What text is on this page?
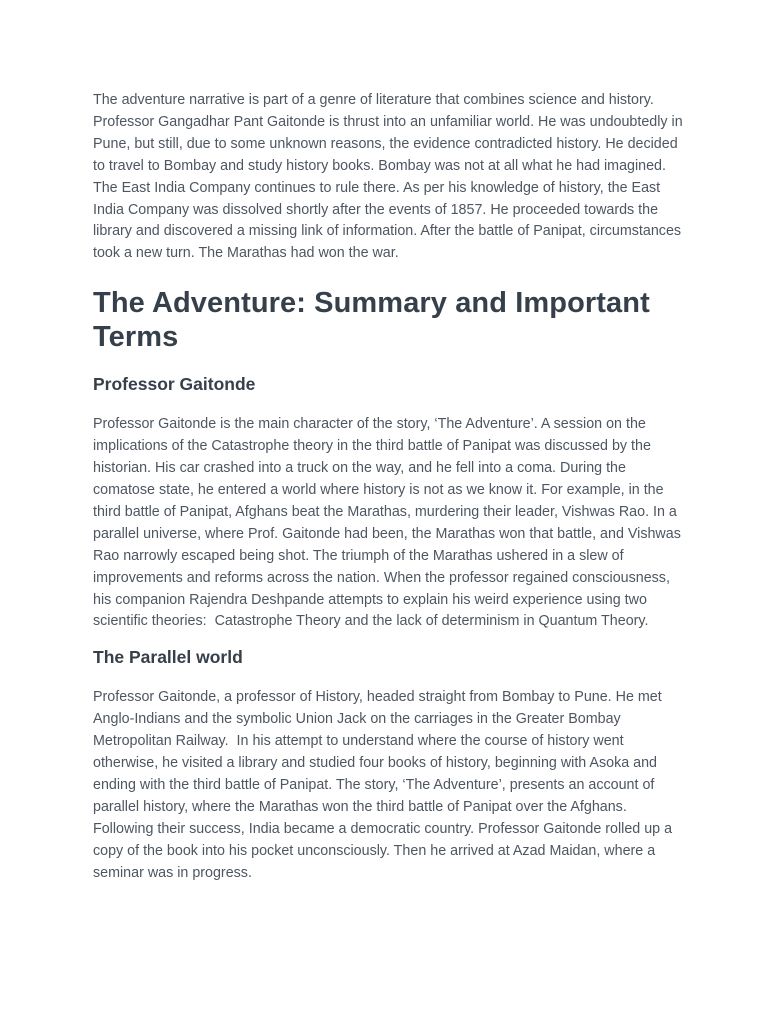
The adventure narrative is part of a genre of literature that combines science and history. Professor Gangadhar Pant Gaitonde is thrust into an unfamiliar world. He was undoubtedly in Pune, but still, due to some unknown reasons, the evidence contradicted history. He decided to travel to Bombay and study history books. Bombay was not at all what he had imagined. The East India Company continues to rule there. As per his knowledge of history, the East India Company was dissolved shortly after the events of 1857. He proceeded towards the library and discovered a missing link of information. After the battle of Panipat, circumstances took a new turn. The Marathas had won the war.

The Adventure: Summary and Important Terms
Professor Gaitonde

Professor Gaitonde is the main character of the story, ‘The Adventure’. A session on the implications of the Catastrophe theory in the third battle of Panipat was discussed by the historian. His car crashed into a truck on the way, and he fell into a coma. During the comatose state, he entered a world where history is not as we know it. For example, in the third battle of Panipat, Afghans beat the Marathas, murdering their leader, Vishwas Rao. In a parallel universe, where Prof. Gaitonde had been, the Marathas won that battle, and Vishwas Rao narrowly escaped being shot. The triumph of the Marathas ushered in a slew of improvements and reforms across the nation. When the professor regained consciousness, his companion Rajendra Deshpande attempts to explain his weird experience using two scientific theories:  Catastrophe Theory and the lack of determinism in Quantum Theory.

The Parallel world

Professor Gaitonde, a professor of History, headed straight from Bombay to Pune. He met Anglo-Indians and the symbolic Union Jack on the carriages in the Greater Bombay Metropolitan Railway.  In his attempt to understand where the course of history went otherwise, he visited a library and studied four books of history, beginning with Asoka and ending with the third battle of Panipat. The story, ‘The Adventure’, presents an account of parallel history, where the Marathas won the third battle of Panipat over the Afghans. Following their success, India became a democratic country. Professor Gaitonde rolled up a copy of the book into his pocket unconsciously. Then he arrived at Azad Maidan, where a seminar was in progress.
